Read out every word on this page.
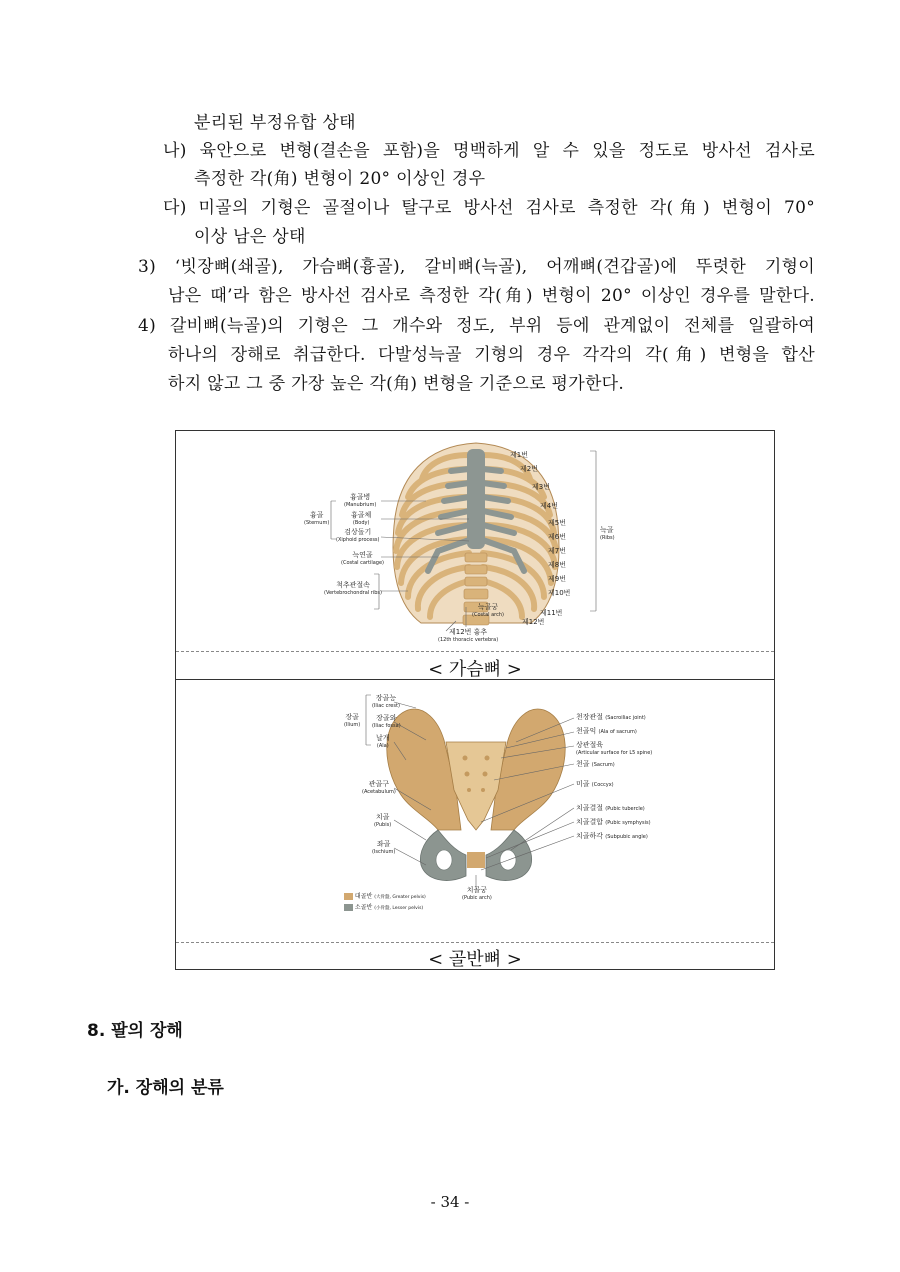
분리된 부정유합 상태
나) 육안으로 변형(결손을 포함)을 명백하게 알 수 있을 정도로 방사선 검사로
측정한 각(角) 변형이 20° 이상인 경우
다) 미골의 기형은 골절이나 탈구로 방사선 검사로 측정한 각(角) 변형이 70°
이상 남은 상태
3) ‘빗장뼈(쇄골), 가슴뼈(흉골), 갈비뼈(늑골), 어깨뼈(견갑골)에 뚜렷한 기형이
남은 때’라 함은 방사선 검사로 측정한 각(角) 변형이 20° 이상인 경우를 말한다.
4) 갈비뼈(늑골)의 기형은 그 개수와 정도, 부위 등에 관계없이 전체를 일괄하여
하나의 장해로 취급한다. 다발성늑골 기형의 경우 각각의 각(角) 변형을 합산
하지 않고 그 중 가장 높은 각(角) 변형을 기준으로 평가한다.
흉골
(Sternum)
흉골병
(Manubrium)
흉골체
(Body)
검상돌기
(Xiphoid process)
늑연골
(Costal cartilage)
척추관절속
(Vertebrochondral ribs)
제1번
제2번
제3번
제4번
제5번
제6번
제7번
제8번
제9번
제10번
제11번
제12번
늑골
(Ribs)
늑골궁
(Costal arch)
제12번 흉추
(12th thoracic vertebra)
< 가슴뼈 >
장골
(Ilium)
장골능
(Iliac crest)
장골와
(Iliac fossa)
날개
(Ala)
관골구
(Acetabulum)
치골
(Pubis)
좌골
(Ischium)
천장관절 (Sacroiliac joint)
천골익 (Ala of sacrum)
상관절육
(Articular surface for L5 spine)
천골 (Sacrum)
미골 (Coccyx)
치골결절 (Pubic tubercle)
치골결합 (Pubic symphysis)
치골하각 (Subpubic angle)
치골궁
(Pubic arch)
대골반 (大骨盤, Greater pelvis)
소골반 (小骨盤, Lesser pelvis)
< 골반뼈 >
8. 팔의 장해
가. 장해의 분류
- 34 -
